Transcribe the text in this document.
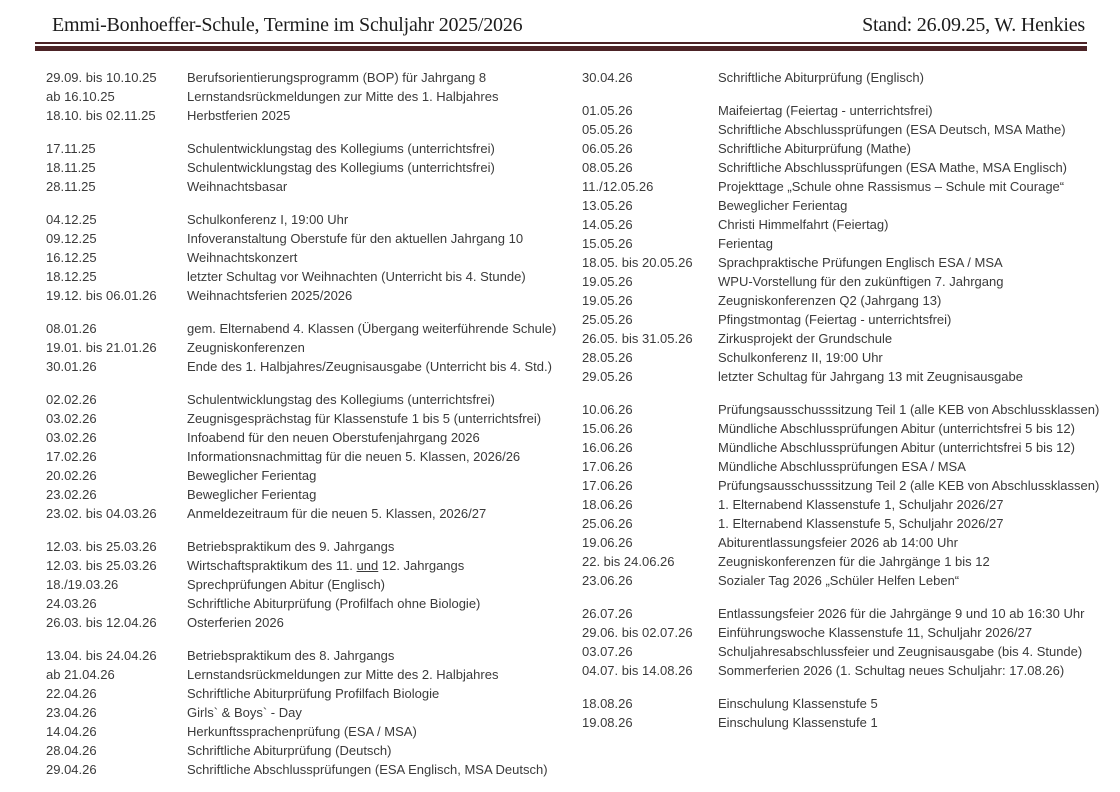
Emmi-Bonhoeffer-Schule, Termine im Schuljahr 2025/2026	Stand: 26.09.25, W. Henkies
29.09. bis 10.10.25	Berufsorientierungsprogramm (BOP) für Jahrgang 8
ab 16.10.25	Lernstandsrückmeldungen zur Mitte des 1. Halbjahres
18.10. bis 02.11.25	Herbstferien 2025
17.11.25	Schulentwicklungstag des Kollegiums (unterrichtsfrei)
18.11.25	Schulentwicklungstag des Kollegiums (unterrichtsfrei)
28.11.25	Weihnachtsbasar
04.12.25	Schulkonferenz I, 19:00 Uhr
09.12.25	Infoveranstaltung Oberstufe für den aktuellen Jahrgang 10
16.12.25	Weihnachtskonzert
18.12.25	letzter Schultag vor Weihnachten (Unterricht bis 4. Stunde)
19.12. bis 06.01.26	Weihnachtsferien 2025/2026
08.01.26	gem. Elternabend 4. Klassen (Übergang weiterführende Schule)
19.01. bis 21.01.26	Zeugniskonferenzen
30.01.26	Ende des 1. Halbjahres/Zeugnisausgabe (Unterricht bis 4. Std.)
02.02.26	Schulentwicklungstag des Kollegiums (unterrichtsfrei)
03.02.26	Zeugnisgesprächstag für Klassenstufe 1 bis 5 (unterrichtsfrei)
03.02.26	Infoabend für den neuen Oberstufenjahrgang 2026
17.02.26	Informationsnachmittag für die neuen 5. Klassen, 2026/26
20.02.26	Beweglicher Ferientag
23.02.26	Beweglicher Ferientag
23.02. bis 04.03.26	Anmeldezeitraum für die neuen 5. Klassen, 2026/27
12.03. bis 25.03.26	Betriebspraktikum des 9. Jahrgangs
12.03. bis 25.03.26	Wirtschaftspraktikum des 11. und 12. Jahrgangs
18./19.03.26	Sprechprüfungen Abitur (Englisch)
24.03.26	Schriftliche Abiturprüfung (Profilfach ohne Biologie)
26.03. bis 12.04.26	Osterferien 2026
13.04. bis 24.04.26	Betriebspraktikum des 8. Jahrgangs
ab 21.04.26	Lernstandsrückmeldungen zur Mitte des 2. Halbjahres
22.04.26	Schriftliche Abiturprüfung Profilfach Biologie
23.04.26	Girls` & Boys` - Day
14.04.26	Herkunftssprachenprüfung (ESA / MSA)
28.04.26	Schriftliche Abiturprüfung (Deutsch)
29.04.26	Schriftliche Abschlussprüfungen (ESA Englisch, MSA Deutsch)
30.04.26	Schriftliche Abiturprüfung (Englisch)
01.05.26	Maifeiertag (Feiertag - unterrichtsfrei)
05.05.26	Schriftliche Abschlussprüfungen (ESA Deutsch, MSA Mathe)
06.05.26	Schriftliche Abiturprüfung (Mathe)
08.05.26	Schriftliche Abschlussprüfungen (ESA Mathe, MSA Englisch)
11./12.05.26	Projekttage „Schule ohne Rassismus – Schule mit Courage“
13.05.26	Beweglicher Ferientag
14.05.26	Christi Himmelfahrt (Feiertag)
15.05.26	Ferientag
18.05. bis 20.05.26	Sprachpraktische Prüfungen Englisch ESA / MSA
19.05.26	WPU-Vorstellung für den zukünftigen 7. Jahrgang
19.05.26	Zeugniskonferenzen Q2 (Jahrgang 13)
25.05.26	Pfingstmontag (Feiertag - unterrichtsfrei)
26.05. bis 31.05.26	Zirkusprojekt der Grundschule
28.05.26	Schulkonferenz II, 19:00 Uhr
29.05.26	letzter Schultag für Jahrgang 13 mit Zeugnisausgabe
10.06.26	Prüfungsausschusssitzung Teil 1 (alle KEB von Abschlussklassen)
15.06.26	Mündliche Abschlussprüfungen Abitur (unterrichtsfrei 5 bis 12)
16.06.26	Mündliche Abschlussprüfungen Abitur (unterrichtsfrei 5 bis 12)
17.06.26	Mündliche Abschlussprüfungen ESA / MSA
17.06.26	Prüfungsausschusssitzung Teil 2 (alle KEB von Abschlussklassen)
18.06.26	1. Elternabend Klassenstufe 1, Schuljahr 2026/27
25.06.26	1. Elternabend Klassenstufe 5, Schuljahr 2026/27
19.06.26	Abiturentlassungsfeier 2026 ab 14:00 Uhr
22. bis 24.06.26	Zeugniskonferenzen für die Jahrgänge 1 bis 12
23.06.26	Sozialer Tag 2026 „Schüler Helfen Leben“
26.07.26	Entlassungsfeier 2026 für die Jahrgänge 9 und 10 ab 16:30 Uhr
29.06. bis 02.07.26	Einführungswoche Klassenstufe 11, Schuljahr 2026/27
03.07.26	Schuljahresabschlussfeier und Zeugnisausgabe (bis 4. Stunde)
04.07. bis 14.08.26	Sommerferien 2026 (1. Schultag neues Schuljahr: 17.08.26)
18.08.26	Einschulung Klassenstufe 5
19.08.26	Einschulung Klassenstufe 1
